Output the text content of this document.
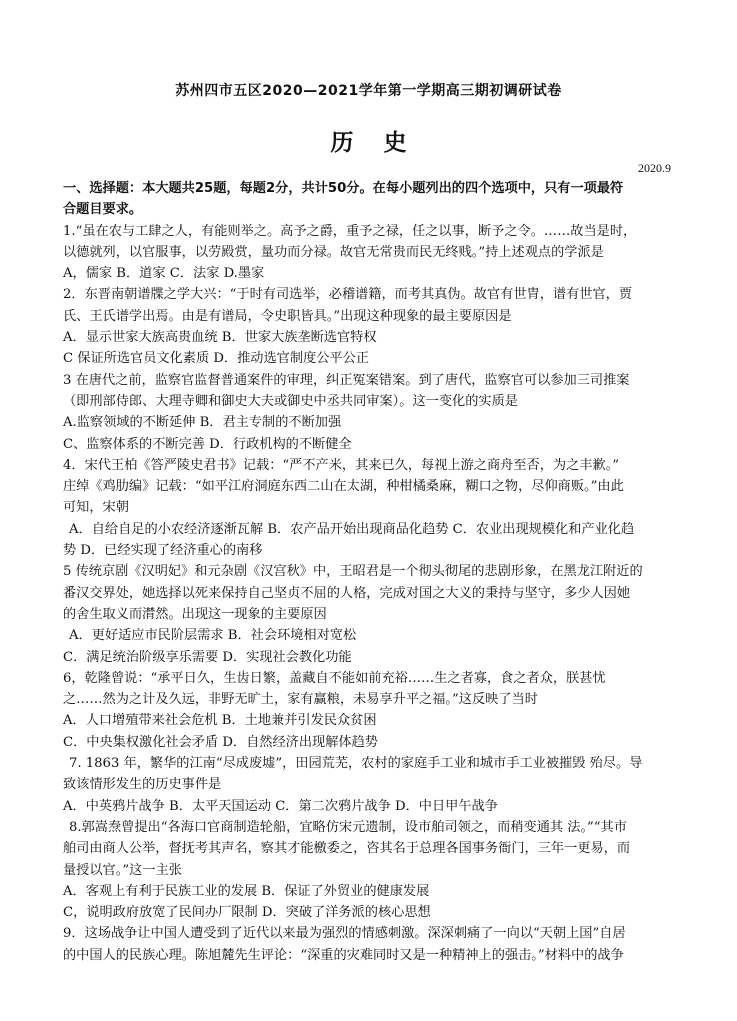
苏州四市五区2020—2021学年第一学期高三期初调研试卷
历史
2020.9

一、选择题：本大题共25题，每题2分，共计50分。在每小题列出的四个选项中，只有一项最符

合题目要求。

1.“虽在农与工肆之人，有能则举之。高予之爵，重予之禄，任之以事，断予之令。……故当是时，

以德就列，以官服事，以劳殿赏，量功而分禄。故官无常贵而民无终贱。”持上述观点的学派是

A，儒家 B．道家 C．法家 D.墨家

2．东晋南朝谱牒之学大兴：“于时有司选举，必稽谱籍，而考其真伪。故官有世胄，谱有世官，贾

氏、王氏谱学出焉。由是有谱局，令史职皆具。”出现这种现象的最主要原因是

A．显示世家大族高贵血统 B．世家大族垄断选官特权

C 保证所选官员文化素质 D．推动选官制度公平公正

3 在唐代之前，监察官监督普通案件的审理，纠正冤案错案。到了唐代，监察官可以参加三司推案

（即刑部侍郎、大理寺卿和御史大夫或御史中丞共同审案）。这一变化的实质是

A.监察领域的不断延伸 B．君主专制的不断加强

C、监察体系的不断完善 D．行政机构的不断健全

4．宋代王柏《答严陵史君书》记载：“严不产米，其来已久，每视上游之商舟至否，为之丰歉。”

庄绰《鸡肋编》记载：“如平江府洞庭东西二山在太湖，种柑橘桑麻，糊口之物，尽仰商贩。”由此

可知，宋朝

A．自给自足的小农经济逐渐瓦解 B．农产品开始出现商品化趋势 C．农业出现规模化和产业化趋

势 D．已经实现了经济重心的南移

5 传统京剧《汉明妃》和元杂剧《汉宫秋》中，王昭君是一个彻头彻尾的悲剧形象，在黑龙江附近的

番汉交界处，她选择以死来保持自己坚贞不屈的人格，完成对国之大义的秉持与坚守，多少人因她

的舍生取义而潸然。出现这一现象的主要原因

A．更好适应市民阶层需求 B．社会环境相对宽松

C．满足统治阶级享乐需要 D．实现社会教化功能

6，乾隆曾说：“承平日久，生齿日繁，盖藏自不能如前充裕……生之者寡，食之者众，朕甚忧

之……然为之计及久远，非野无旷土，家有赢粮，未易享升平之福。”这反映了当时

A．人口增殖带来社会危机 B．土地兼并引发民众贫困

C．中央集权激化社会矛盾 D．自然经济出现解体趋势

7. 1863 年，繁华的江南“尽成废墟”，田园荒芜，农村的家庭手工业和城市手工业被摧毁 殆尽。导

致该情形发生的历史事件是

A．中英鸦片战争 B．太平天国运动 C．第二次鸦片战争 D．中日甲午战争

8.郭嵩焘曾提出“各海口官商制造轮船，宜略仿宋元遗制，设市舶司领之，而稍变通其 法。”“其市

舶司由商人公举，督抚考其声名，察其才能檄委之，咨其名于总理各国事务衙门，三年一更易，而

量授以官。”这一主张

A．客观上有利于民族工业的发展 B．保证了外贸业的健康发展

C，说明政府放宽了民间办厂限制 D．突破了洋务派的核心思想

9．这场战争让中国人遭受到了近代以来最为强烈的情感刺激。深深刺痛了一向以“天朝上国”自居

的中国人的民族心理。陈旭麓先生评论：“深重的灾难同时又是一种精神上的强击。”材料中的战争
